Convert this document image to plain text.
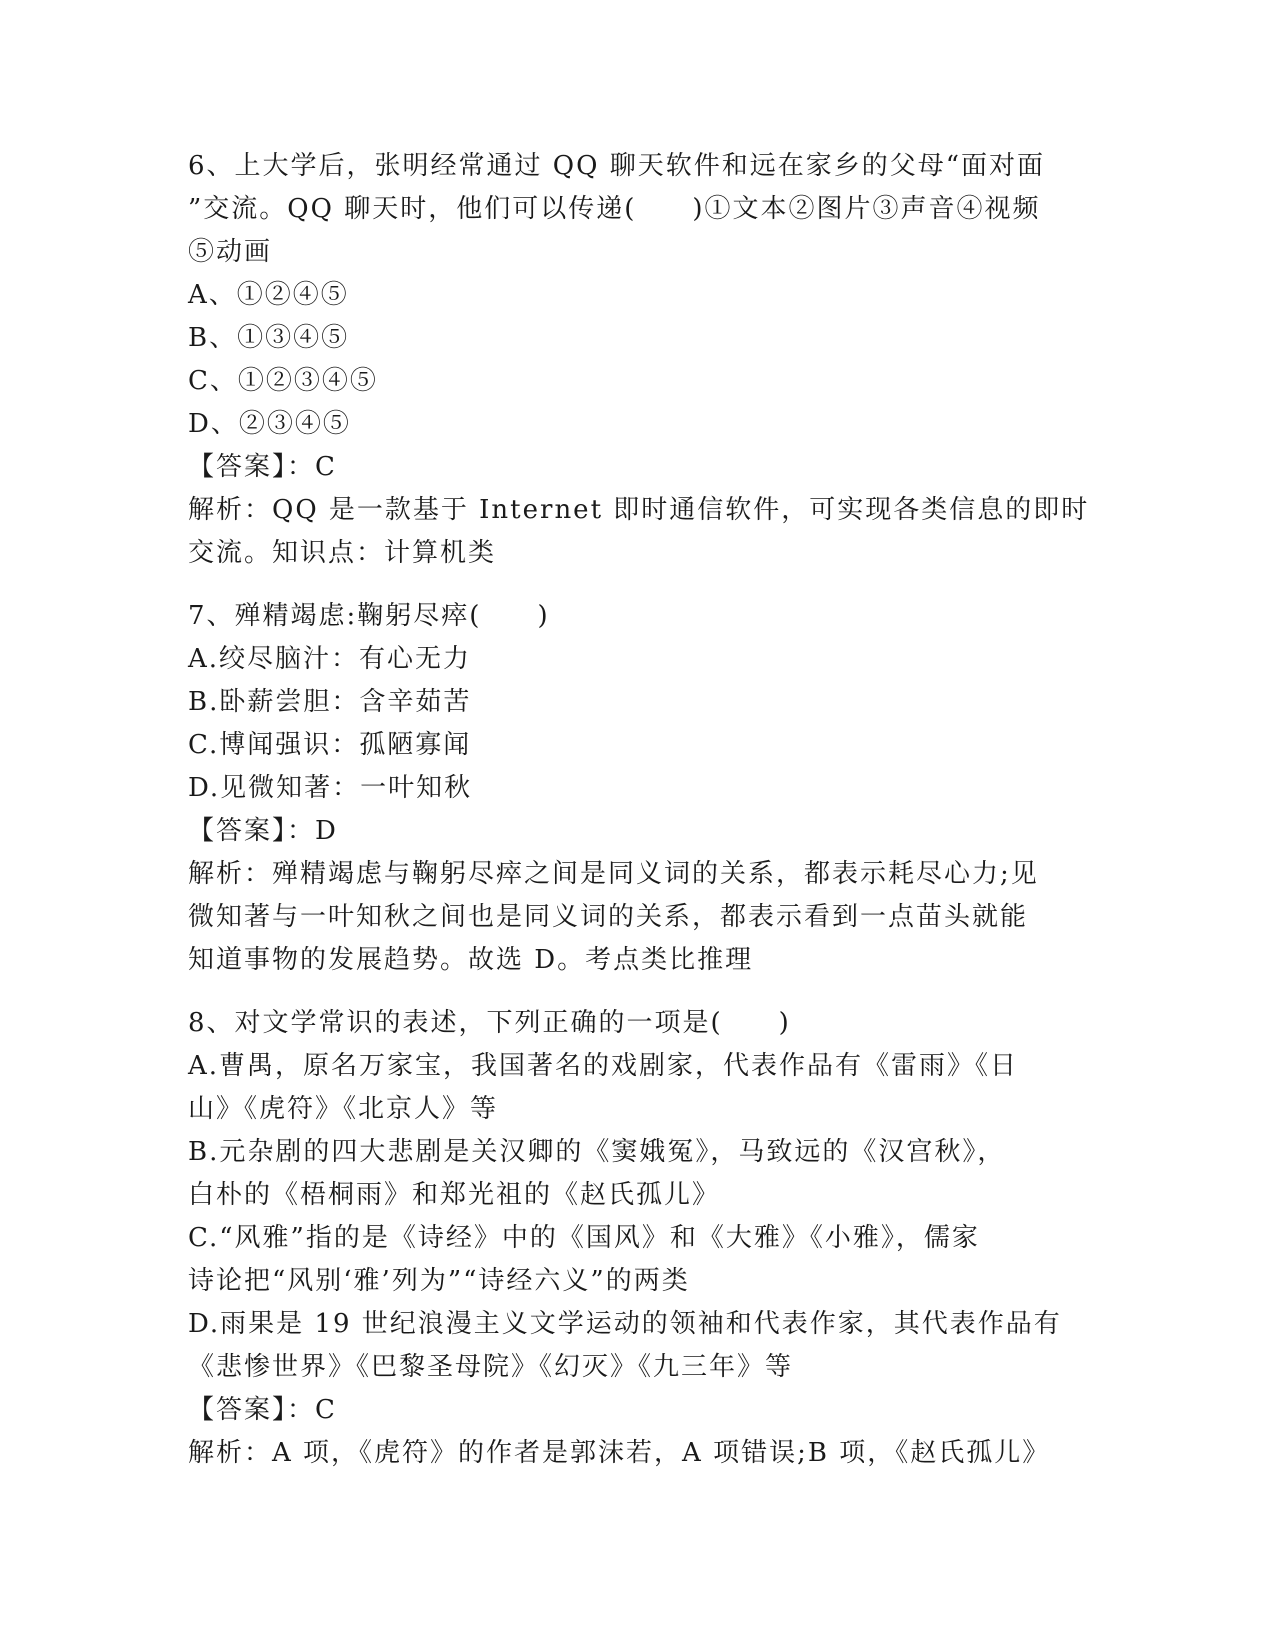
6、上大学后，张明经常通过 QQ 聊天软件和远在家乡的父母“面对面
”交流。QQ 聊天时，他们可以传递(　　)①文本②图片③声音④视频
⑤动画
A、①②④⑤
B、①③④⑤
C、①②③④⑤
D、②③④⑤
【答案】：C
解析：QQ 是一款基于 Internet 即时通信软件，可实现各类信息的即时
交流。知识点：计算机类
7、殚精竭虑:鞠躬尽瘁(　　)
A.绞尽脑汁：有心无力
B.卧薪尝胆：含辛茹苦
C.博闻强识：孤陋寡闻
D.见微知著：一叶知秋
【答案】：D
解析：殚精竭虑与鞠躬尽瘁之间是同义词的关系，都表示耗尽心力;见
微知著与一叶知秋之间也是同义词的关系，都表示看到一点苗头就能
知道事物的发展趋势。故选 D。考点类比推理
8、对文学常识的表述，下列正确的一项是(　　)
A.曹禺，原名万家宝，我国著名的戏剧家，代表作品有《雷雨》《日
山》《虎符》《北京人》等
B.元杂剧的四大悲剧是关汉卿的《窦娥冤》，马致远的《汉宫秋》，
白朴的《梧桐雨》和郑光祖的《赵氏孤儿》
C.“风雅”指的是《诗经》中的《国风》和《大雅》《小雅》，儒家
诗论把“风别‘雅’列为”“诗经六义”的两类
D.雨果是 19 世纪浪漫主义文学运动的领袖和代表作家，其代表作品有
《悲惨世界》《巴黎圣母院》《幻灭》《九三年》等
【答案】：C
解析：A 项，《虎符》的作者是郭沫若，A 项错误;B 项，《赵氏孤儿》
